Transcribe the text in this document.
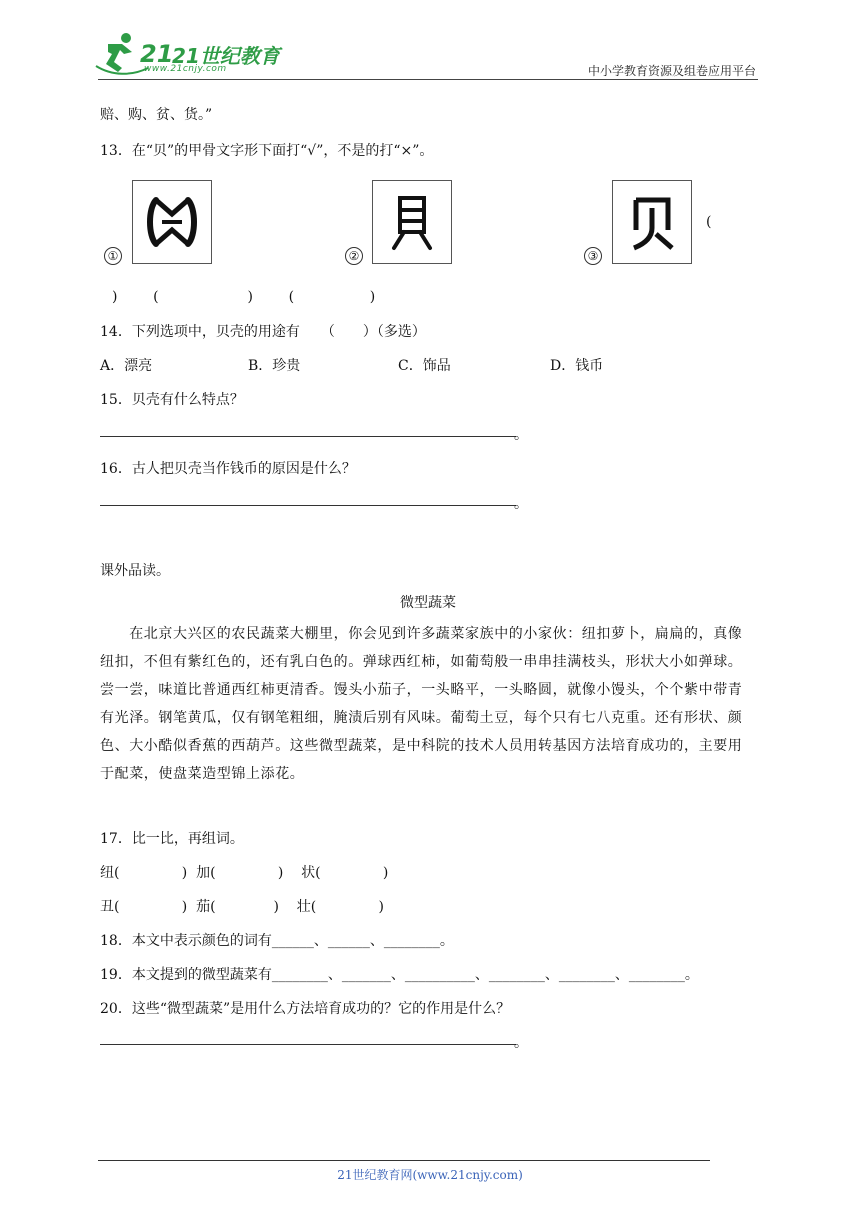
21
21世纪教育
www.21cnjy.com	中小学教育资源及组卷应用平台
赔、购、贫、货。”
13．在“贝”的甲骨文字形下面打“√”，不是的打“×”。
①	②	③
(
)        (                    )        (                 )
14．下列选项中，贝壳的用途有　　（　　）（多选）
A．漂亮	B．珍贵	C．饰品	D．钱币
15．贝壳有什么特点？
。
16．古人把贝壳当作钱币的原因是什么？
。
课外品读。
微型蔬菜
　　在北京大兴区的农民蔬菜大棚里，你会见到许多蔬菜家族中的小家伙：纽扣萝卜，扁扁的，真像
纽扣，不但有紫红色的，还有乳白色的。弹球西红柿，如葡萄般一串串挂满枝头，形状大小如弹球。
尝一尝，味道比普通西红柿更清香。馒头小茄子，一头略平，一头略圆，就像小馒头，个个紫中带青
有光泽。钢笔黄瓜，仅有钢笔粗细，腌渍后别有风味。葡萄土豆，每个只有七八克重。还有形状、颜
色、大小酷似香蕉的西葫芦。这些微型蔬菜，是中科院的技术人员用转基因方法培育成功的，主要用
于配菜，使盘菜造型锦上添花。
17．比一比，再组词。
纽(              )  加(              )    状(              )
丑(              )  茄(             )    壮(              )
18．本文中表示颜色的词有______、______、________。
19．本文提到的微型蔬菜有________、_______、__________、________、________、________。
20．这些“微型蔬菜”是用什么方法培育成功的？它的作用是什么？
。
21世纪教育网(www.21cnjy.com)
